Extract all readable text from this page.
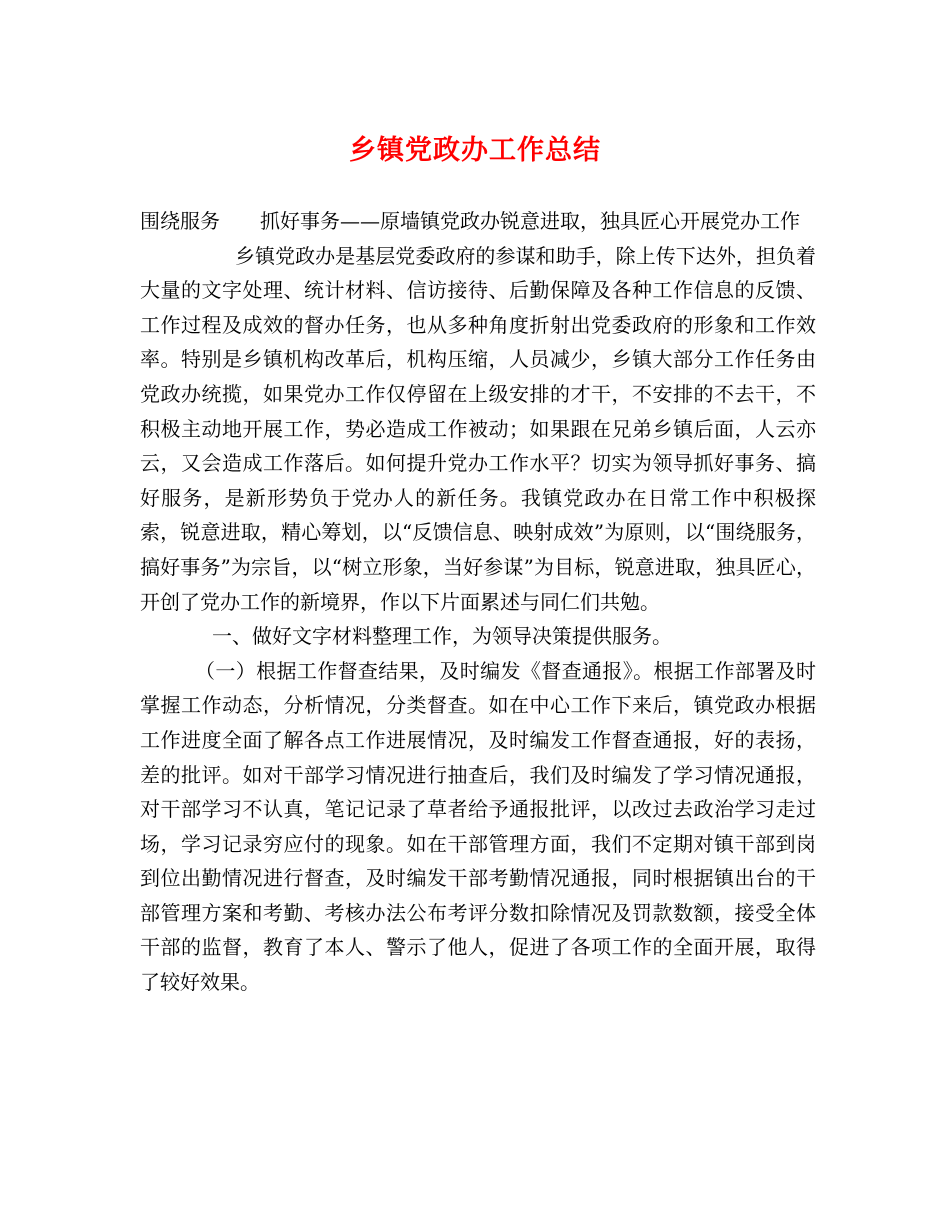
乡镇党政办工作总结

围绕服务　　抓好事务——原墙镇党政办锐意进取，独具匠心开展党办工作

乡镇党政办是基层党委政府的参谋和助手，除上传下达外，担负着大量的文字处理、统计材料、信访接待、后勤保障及各种工作信息的反馈、工作过程及成效的督办任务，也从多种角度折射出党委政府的形象和工作效率。特别是乡镇机构改革后，机构压缩，人员减少，乡镇大部分工作任务由党政办统揽，如果党办工作仅停留在上级安排的才干，不安排的不去干，不积极主动地开展工作，势必造成工作被动；如果跟在兄弟乡镇后面，人云亦云，又会造成工作落后。如何提升党办工作水平？切实为领导抓好事务、搞好服务，是新形势负于党办人的新任务。我镇党政办在日常工作中积极探索，锐意进取，精心筹划，以“反馈信息、映射成效”为原则，以“围绕服务，搞好事务”为宗旨，以“树立形象，当好参谋”为目标，锐意进取，独具匠心，开创了党办工作的新境界，作以下片面累述与同仁们共勉。

一、做好文字材料整理工作，为领导决策提供服务。

（一）根据工作督查结果，及时编发《督查通报》。根据工作部署及时掌握工作动态，分析情况，分类督查。如在中心工作下来后，镇党政办根据工作进度全面了解各点工作进展情况，及时编发工作督查通报，好的表扬，差的批评。如对干部学习情况进行抽查后，我们及时编发了学习情况通报，对干部学习不认真，笔记记录了草者给予通报批评，以改过去政治学习走过场，学习记录穷应付的现象。如在干部管理方面，我们不定期对镇干部到岗到位出勤情况进行督查，及时编发干部考勤情况通报，同时根据镇出台的干部管理方案和考勤、考核办法公布考评分数扣除情况及罚款数额，接受全体干部的监督，教育了本人、警示了他人，促进了各项工作的全面开展，取得了较好效果。
